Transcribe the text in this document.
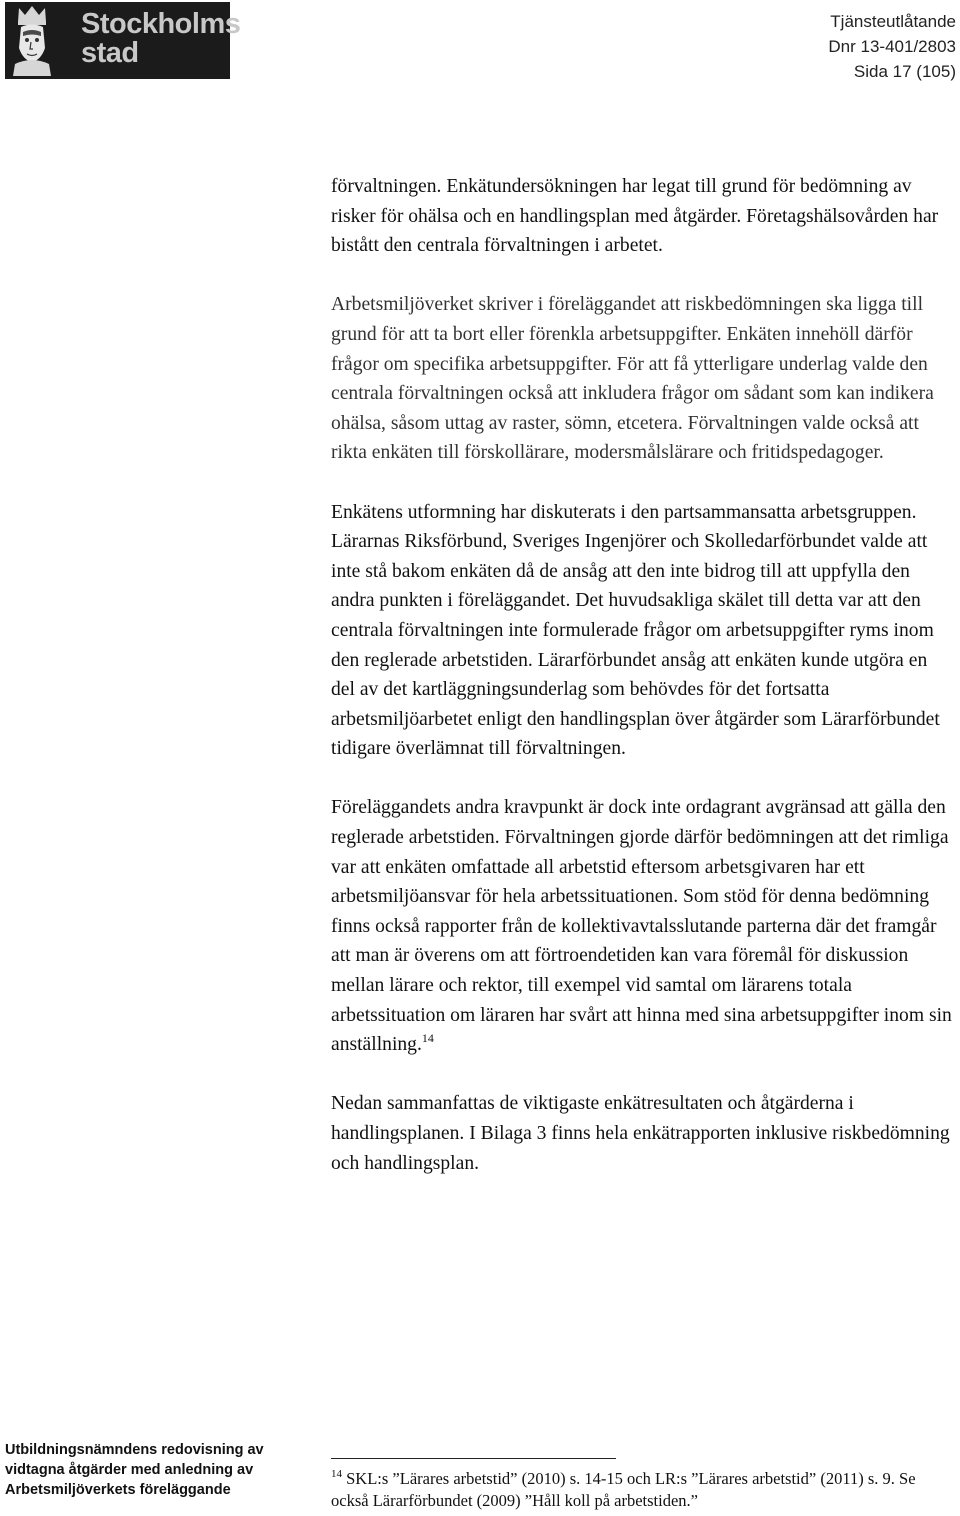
Stockholms
stad
Tjänsteutlåtande
Dnr 13-401/2803
Sida 17 (105)

förvaltningen. Enkätundersökningen har legat till grund för bedömning av risker för ohälsa och en handlingsplan med åtgärder. Företagshälsovården har bistått den centrala förvaltningen i arbetet.

Arbetsmiljöverket skriver i föreläggandet att riskbedömningen ska ligga till grund för att ta bort eller förenkla arbetsuppgifter. Enkäten innehöll därför frågor om specifika arbetsuppgifter. För att få ytterligare underlag valde den centrala förvaltningen också att inkludera frågor om sådant som kan indikera ohälsa, såsom uttag av raster, sömn, etcetera. Förvaltningen valde också att rikta enkäten till förskollärare, modersmålslärare och fritidspedagoger.

Enkätens utformning har diskuterats i den partsammansatta arbetsgruppen. Lärarnas Riksförbund, Sveriges Ingenjörer och Skolledarförbundet valde att inte stå bakom enkäten då de ansåg att den inte bidrog till att uppfylla den andra punkten i föreläggandet. Det huvudsakliga skälet till detta var att den centrala förvaltningen inte formulerade frågor om arbetsuppgifter ryms inom den reglerade arbetstiden. Lärarförbundet ansåg att enkäten kunde utgöra en del av det kartläggningsunderlag som behövdes för det fortsatta arbetsmiljöarbetet enligt den handlingsplan över åtgärder som Lärarförbundet tidigare överlämnat till förvaltningen.

Föreläggandets andra kravpunkt är dock inte ordagrant avgränsad att gälla den reglerade arbetstiden. Förvaltningen gjorde därför bedömningen att det rimliga var att enkäten omfattade all arbetstid eftersom arbetsgivaren har ett arbetsmiljöansvar för hela arbetssituationen. Som stöd för denna bedömning finns också rapporter från de kollektivavtalsslutande parterna där det framgår att man är överens om att förtroendetiden kan vara föremål för diskussion mellan lärare och rektor, till exempel vid samtal om lärarens totala arbetssituation om läraren har svårt att hinna med sina arbetsuppgifter inom sin anställning.$^{14}$

Nedan sammanfattas de viktigaste enkätresultaten och åtgärderna i handlingsplanen. I Bilaga 3 finns hela enkätrapporten inklusive riskbedömning och handlingsplan.

Utbildningsnämndens redovisning av
vidtagna åtgärder med anledning av
Arbetsmiljöverkets föreläggande
$^{14}$ SKL:s ”Lärares arbetstid” (2010) s. 14-15 och LR:s ”Lärares arbetstid” (2011) s. 9. Se också Lärarförbundet (2009) ”Håll koll på arbetstiden.”
